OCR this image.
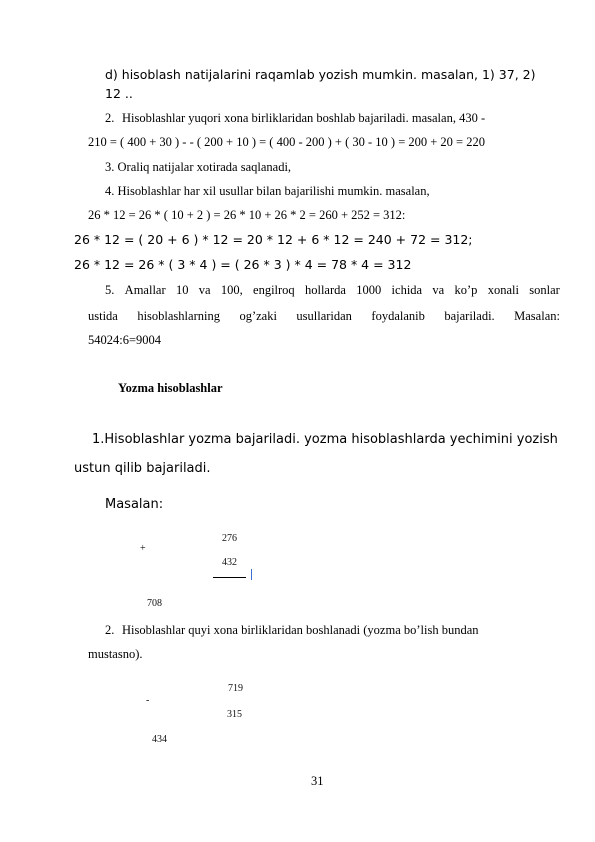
d) hisoblash natijalarini raqamlab yozish mumkin. masalan, 1) 37, 2)
12 ..
2. Hisoblashlar yuqori xona birliklaridan boshlab bajariladi. masalan, 430 -
210 = ( 400 + 30 ) - - ( 200 + 10 ) = ( 400 - 200 ) + ( 30 - 10 ) = 200 + 20 = 220
3. Oraliq natijalar xotirada saqlanadi,
4. Hisoblashlar har xil usullar bilan bajarilishi mumkin. masalan,
26 * 12 = 26 * ( 10 + 2 ) = 26 * 10 + 26 * 2 = 260 + 252 = 312:
26 * 12 = ( 20 + 6 ) * 12 = 20 * 12 + 6 * 12 = 240 + 72 = 312;
26 * 12 = 26 * ( 3 * 4 ) = ( 26 * 3 ) * 4 = 78 * 4 = 312
5. Amallar 10 va 100, engilroq hollarda 1000 ichida va ko’p xonali sonlar
ustida hisoblashlarning og’zaki usullaridan foydalanib bajariladi. Masalan:
54024:6=9004
Yozma hisoblashlar
1.Hisoblashlar yozma bajariladi. yozma hisoblashlarda yechimini yozish
ustun qilib bajariladi.
Masalan:
+
276
432
708
2. Hisoblashlar quyi xona birliklaridan boshlanadi (yozma bo’lish bundan
mustasno).
-
719
315
434
31
